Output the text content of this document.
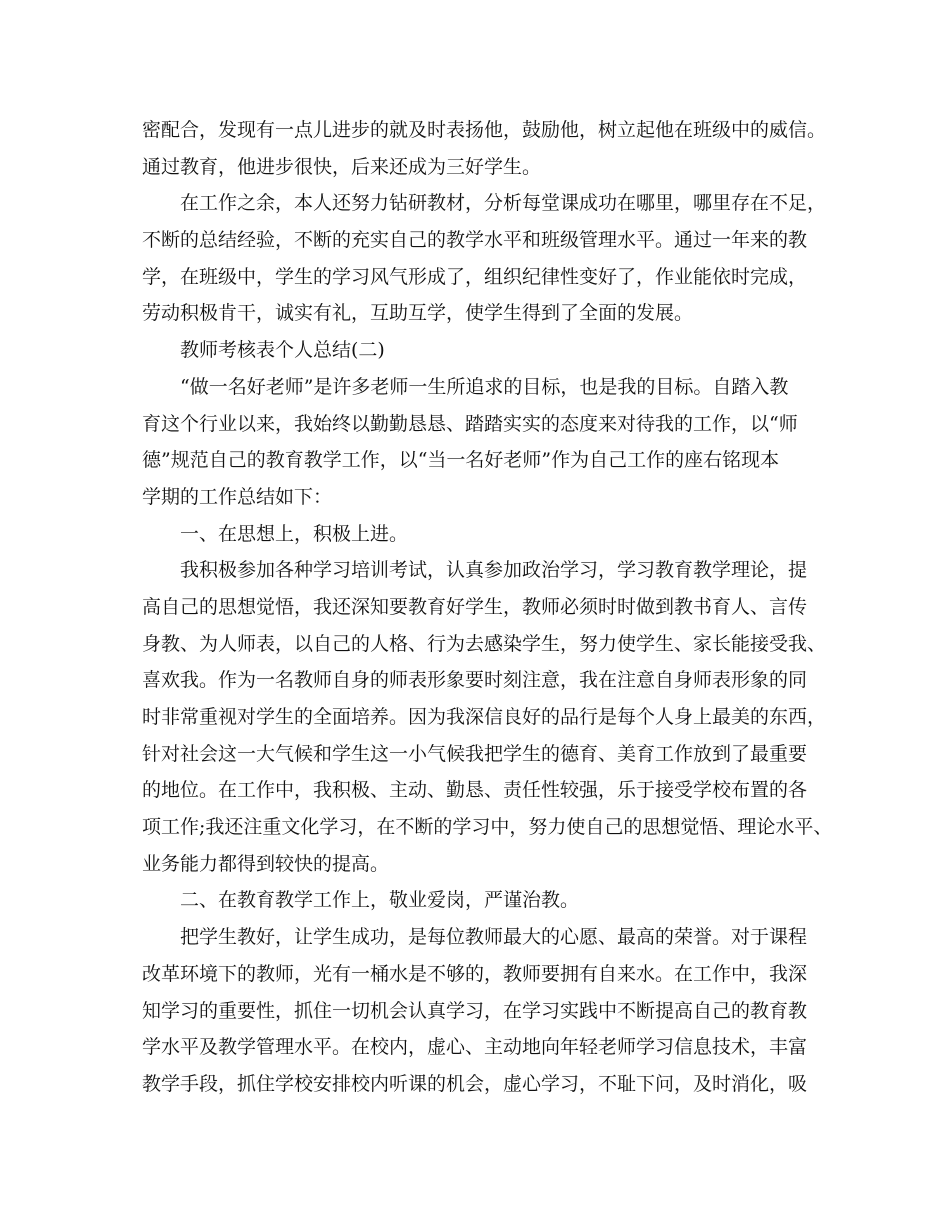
密配合，发现有一点儿进步的就及时表扬他，鼓励他，树立起他在班级中的威信。
通过教育，他进步很快，后来还成为三好学生。
在工作之余，本人还努力钻研教材，分析每堂课成功在哪里，哪里存在不足，
不断的总结经验，不断的充实自己的教学水平和班级管理水平。通过一年来的教
学，在班级中，学生的学习风气形成了，组织纪律性变好了，作业能依时完成，
劳动积极肯干，诚实有礼，互助互学，使学生得到了全面的发展。
教师考核表个人总结(二)
“做一名好老师”是许多老师一生所追求的目标，也是我的目标。自踏入教
育这个行业以来，我始终以勤勤恳恳、踏踏实实的态度来对待我的工作，以“师
德”规范自己的教育教学工作，以“当一名好老师”作为自己工作的座右铭现本
学期的工作总结如下：
一、在思想上，积极上进。
我积极参加各种学习培训考试，认真参加政治学习，学习教育教学理论，提
高自己的思想觉悟，我还深知要教育好学生，教师必须时时做到教书育人、言传
身教、为人师表，以自己的人格、行为去感染学生，努力使学生、家长能接受我、
喜欢我。作为一名教师自身的师表形象要时刻注意，我在注意自身师表形象的同
时非常重视对学生的全面培养。因为我深信良好的品行是每个人身上最美的东西，
针对社会这一大气候和学生这一小气候我把学生的德育、美育工作放到了最重要
的地位。在工作中，我积极、主动、勤恳、责任性较强，乐于接受学校布置的各
项工作;我还注重文化学习，在不断的学习中，努力使自己的思想觉悟、理论水平、
业务能力都得到较快的提高。
二、在教育教学工作上，敬业爱岗，严谨治教。
把学生教好，让学生成功，是每位教师最大的心愿、最高的荣誉。对于课程
改革环境下的教师，光有一桶水是不够的，教师要拥有自来水。在工作中，我深
知学习的重要性，抓住一切机会认真学习，在学习实践中不断提高自己的教育教
学水平及教学管理水平。在校内，虚心、主动地向年轻老师学习信息技术，丰富
教学手段，抓住学校安排校内听课的机会，虚心学习，不耻下问，及时消化，吸
